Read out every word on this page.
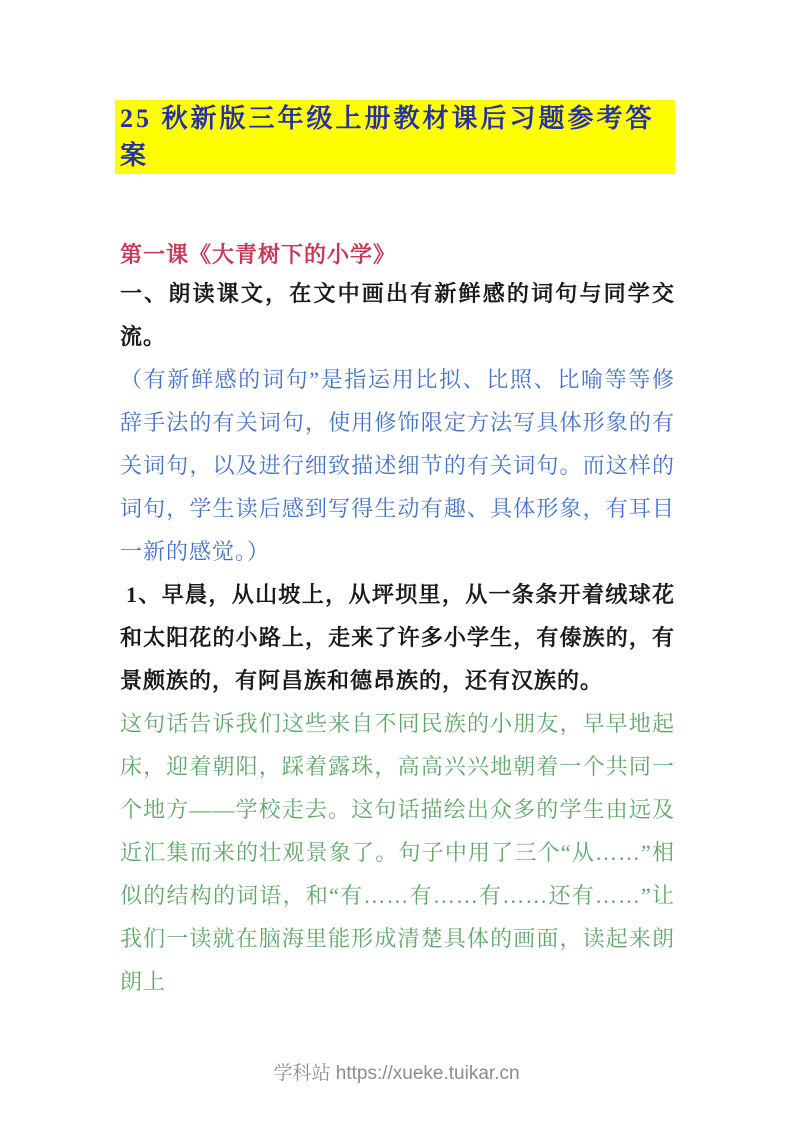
25 秋新版三年级上册教材课后习题参考答案
第一课《大青树下的小学》

一、朗读课文，在文中画出有新鲜感的词句与同学交流。

（有新鲜感的词句”是指运用比拟、比照、比喻等等修辞手法的有关词句，使用修饰限定方法写具体形象的有关词句，以及进行细致描述细节的有关词句。而这样的词句，学生读后感到写得生动有趣、具体形象，有耳目一新的感觉。）

1、早晨，从山坡上，从坪坝里，从一条条开着绒球花和太阳花的小路上，走来了许多小学生，有傣族的，有景颇族的，有阿昌族和德昂族的，还有汉族的。

这句话告诉我们这些来自不同民族的小朋友，早早地起床，迎着朝阳，踩着露珠，高高兴兴地朝着一个共同一个地方——学校走去。这句话描绘出众多的学生由远及近汇集而来的壮观景象了。句子中用了三个“从……”相似的结构的词语，和“有……有……有……还有……”让我们一读就在脑海里能形成清楚具体的画面，读起来朗朗上

学科站 https://xueke.tuikar.cn
